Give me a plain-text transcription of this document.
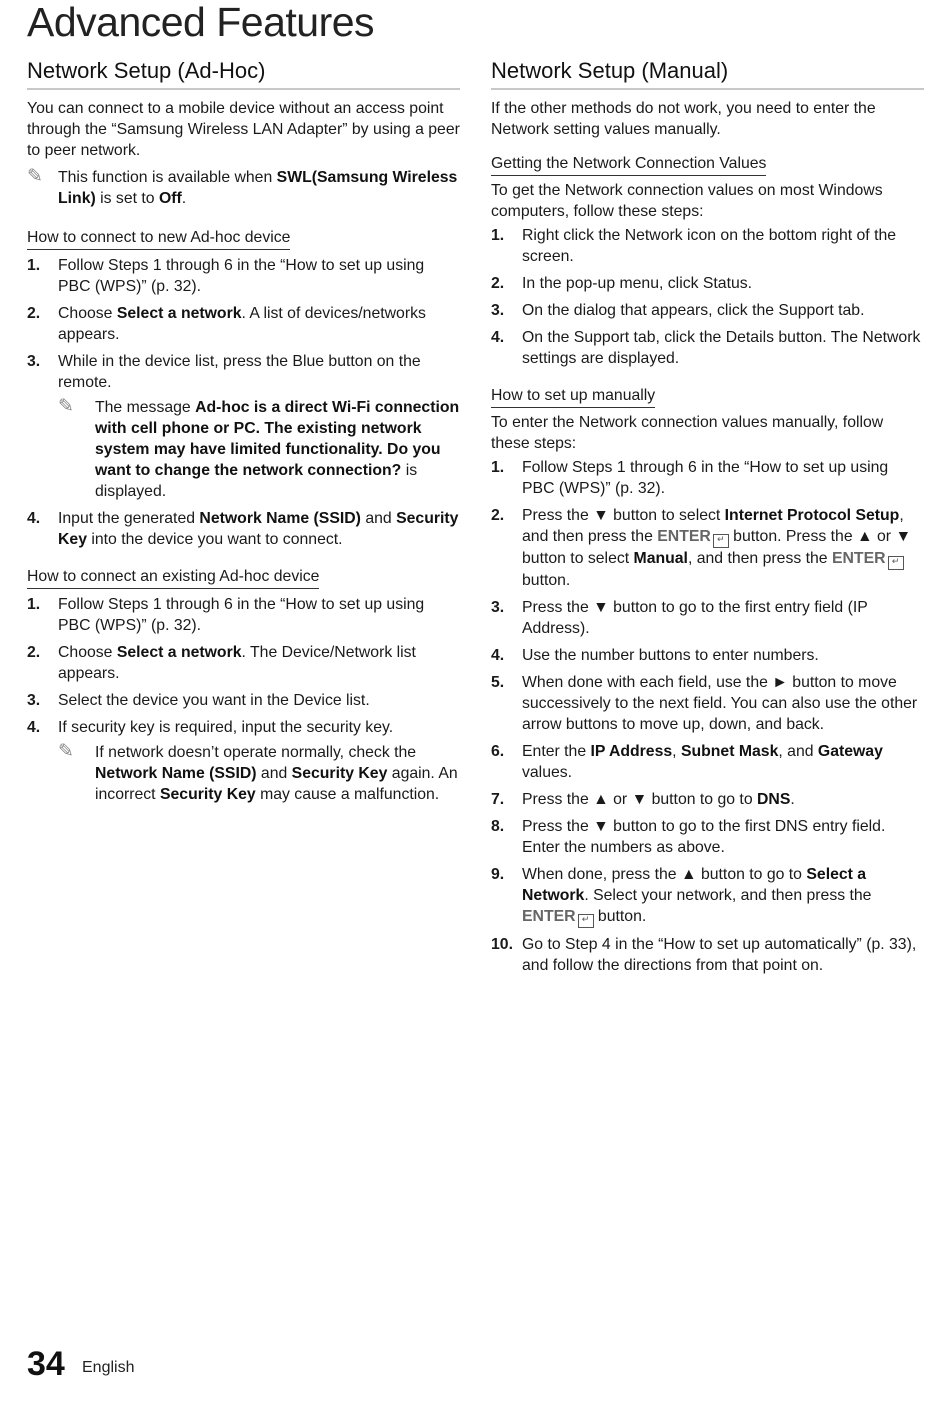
Advanced Features
Network Setup (Ad-Hoc)

You can connect to a mobile device without an access point through the “Samsung Wireless LAN Adapter” by using a peer to peer network.

✎ This function is available when SWL(Samsung Wireless Link) is set to Off.
How to connect to new Ad-hoc device
1. Follow Steps 1 through 6 in the “How to set up using PBC (WPS)” (p. 32).
2. Choose Select a network. A list of devices/networks appears.
3. While in the device list, press the Blue button on the remote.
✎ The message Ad-hoc is a direct Wi-Fi connection with cell phone or PC. The existing network system may have limited functionality. Do you want to change the network connection? is displayed.
4. Input the generated Network Name (SSID) and Security Key into the device you want to connect.
How to connect an existing Ad-hoc device
1. Follow Steps 1 through 6 in the “How to set up using PBC (WPS)” (p. 32).
2. Choose Select a network. The Device/Network list appears.
3. Select the device you want in the Device list.
4. If security key is required, input the security key.
✎ If network doesn’t operate normally, check the Network Name (SSID) and Security Key again. An incorrect Security Key may cause a malfunction.
Network Setup (Manual)

If the other methods do not work, you need to enter the Network setting values manually.

Getting the Network Connection Values

To get the Network connection values on most Windows computers, follow these steps:

1. Right click the Network icon on the bottom right of the screen.
2. In the pop-up menu, click Status.
3. On the dialog that appears, click the Support tab.
4. On the Support tab, click the Details button. The Network settings are displayed.
How to set up manually

To enter the Network connection values manually, follow these steps:

1. Follow Steps 1 through 6 in the “How to set up using PBC (WPS)” (p. 32).
2. Press the ▼ button to select Internet Protocol Setup, and then press the ENTER ↵ button. Press the ▲ or ▼ button to select Manual, and then press the ENTER ↵ button.
3. Press the ▼ button to go to the first entry field (IP Address).
4. Use the number buttons to enter numbers.
5. When done with each field, use the ► button to move successively to the next field. You can also use the other arrow buttons to move up, down, and back.
6. Enter the IP Address, Subnet Mask, and Gateway values.
7. Press the ▲ or ▼ button to go to DNS.
8. Press the ▼ button to go to the first DNS entry field. Enter the numbers as above.
9. When done, press the ▲ button to go to Select a Network. Select your network, and then press the ENTER ↵ button.
10. Go to Step 4 in the “How to set up automatically” (p. 33), and follow the directions from that point on.
34 English
